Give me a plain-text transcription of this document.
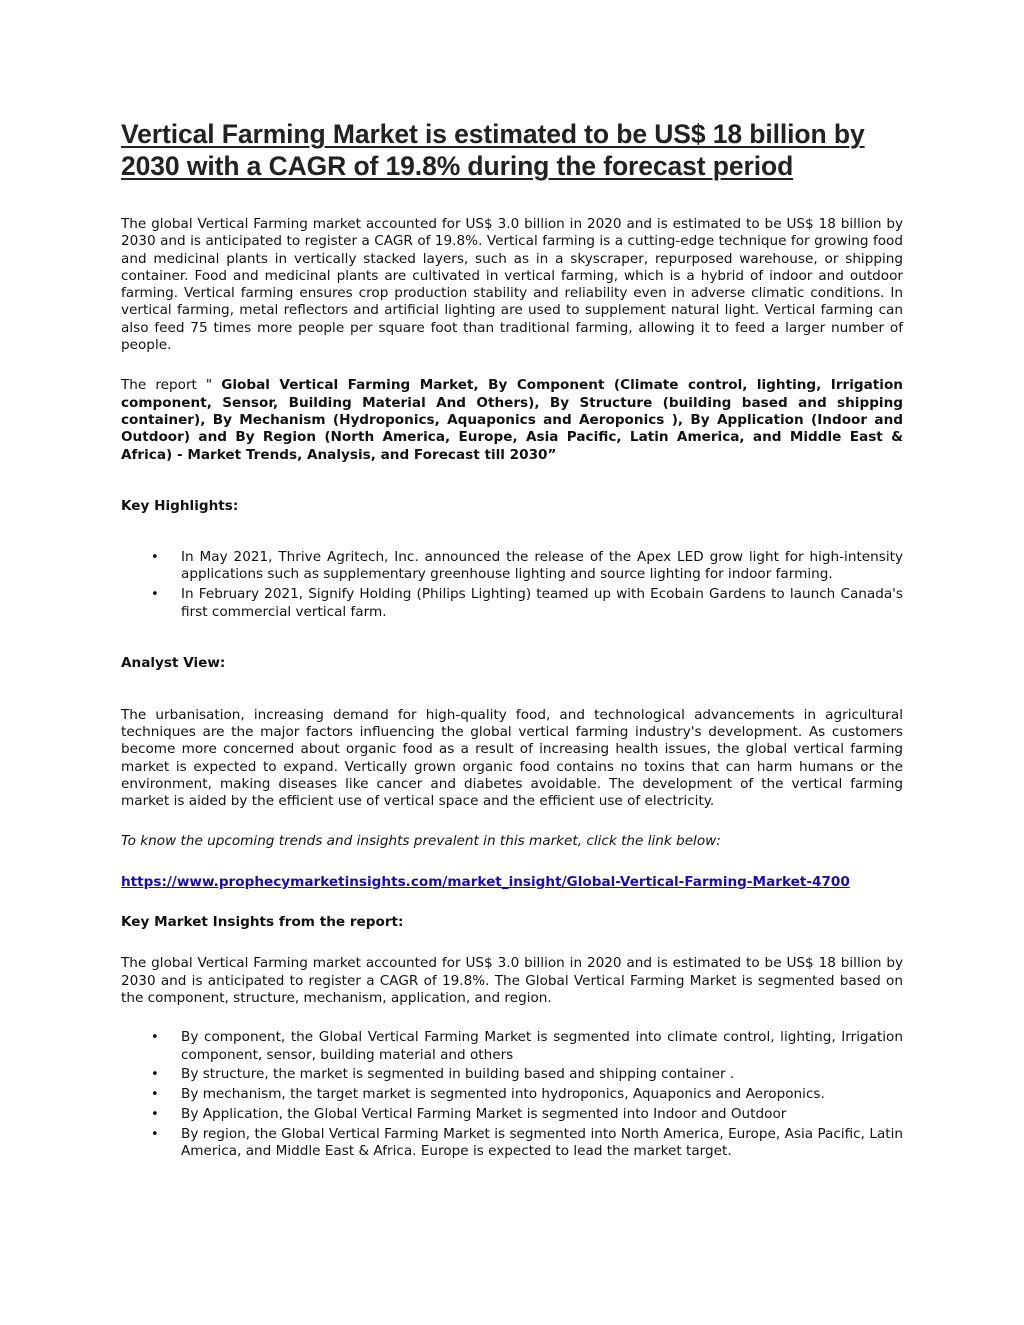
Vertical Farming Market is estimated to be US$ 18 billion by 2030 with a CAGR of 19.8% during the forecast period

The global Vertical Farming market accounted for US$ 3.0 billion in 2020 and is estimated to be US$ 18 billion by 2030 and is anticipated to register a CAGR of 19.8%. Vertical farming is a cutting-edge technique for growing food and medicinal plants in vertically stacked layers, such as in a skyscraper, repurposed warehouse, or shipping container. Food and medicinal plants are cultivated in vertical farming, which is a hybrid of indoor and outdoor farming. Vertical farming ensures crop production stability and reliability even in adverse climatic conditions. In vertical farming, metal reflectors and artificial lighting are used to supplement natural light. Vertical farming can also feed 75 times more people per square foot than traditional farming, allowing it to feed a larger number of people.

The report " Global Vertical Farming Market, By Component (Climate control, lighting, Irrigation component, Sensor, Building Material And Others), By Structure (building based and shipping container), By Mechanism (Hydroponics, Aquaponics and Aeroponics ), By Application (Indoor and Outdoor) and By Region (North America, Europe, Asia Pacific, Latin America, and Middle East & Africa) - Market Trends, Analysis, and Forecast till 2030”

Key Highlights:

• In May 2021, Thrive Agritech, Inc. announced the release of the Apex LED grow light for high-intensity applications such as supplementary greenhouse lighting and source lighting for indoor farming.
• In February 2021, Signify Holding (Philips Lighting) teamed up with Ecobain Gardens to launch Canada's first commercial vertical farm.

Analyst View:

The urbanisation, increasing demand for high-quality food, and technological advancements in agricultural techniques are the major factors influencing the global vertical farming industry's development. As customers become more concerned about organic food as a result of increasing health issues, the global vertical farming market is expected to expand. Vertically grown organic food contains no toxins that can harm humans or the environment, making diseases like cancer and diabetes avoidable. The development of the vertical farming market is aided by the efficient use of vertical space and the efficient use of electricity.

To know the upcoming trends and insights prevalent in this market, click the link below:

https://www.prophecymarketinsights.com/market_insight/Global-Vertical-Farming-Market-4700

Key Market Insights from the report:

The global Vertical Farming market accounted for US$ 3.0 billion in 2020 and is estimated to be US$ 18 billion by 2030 and is anticipated to register a CAGR of 19.8%. The Global Vertical Farming Market is segmented based on the component, structure, mechanism, application, and region.

• By component, the Global Vertical Farming Market is segmented into climate control, lighting, Irrigation component, sensor, building material and others
• By structure, the market is segmented in building based and shipping container .
• By mechanism, the target market is segmented into hydroponics, Aquaponics and Aeroponics.
• By Application, the Global Vertical Farming Market is segmented into Indoor and Outdoor
• By region, the Global Vertical Farming Market is segmented into North America, Europe, Asia Pacific, Latin America, and Middle East & Africa. Europe is expected to lead the market target.
